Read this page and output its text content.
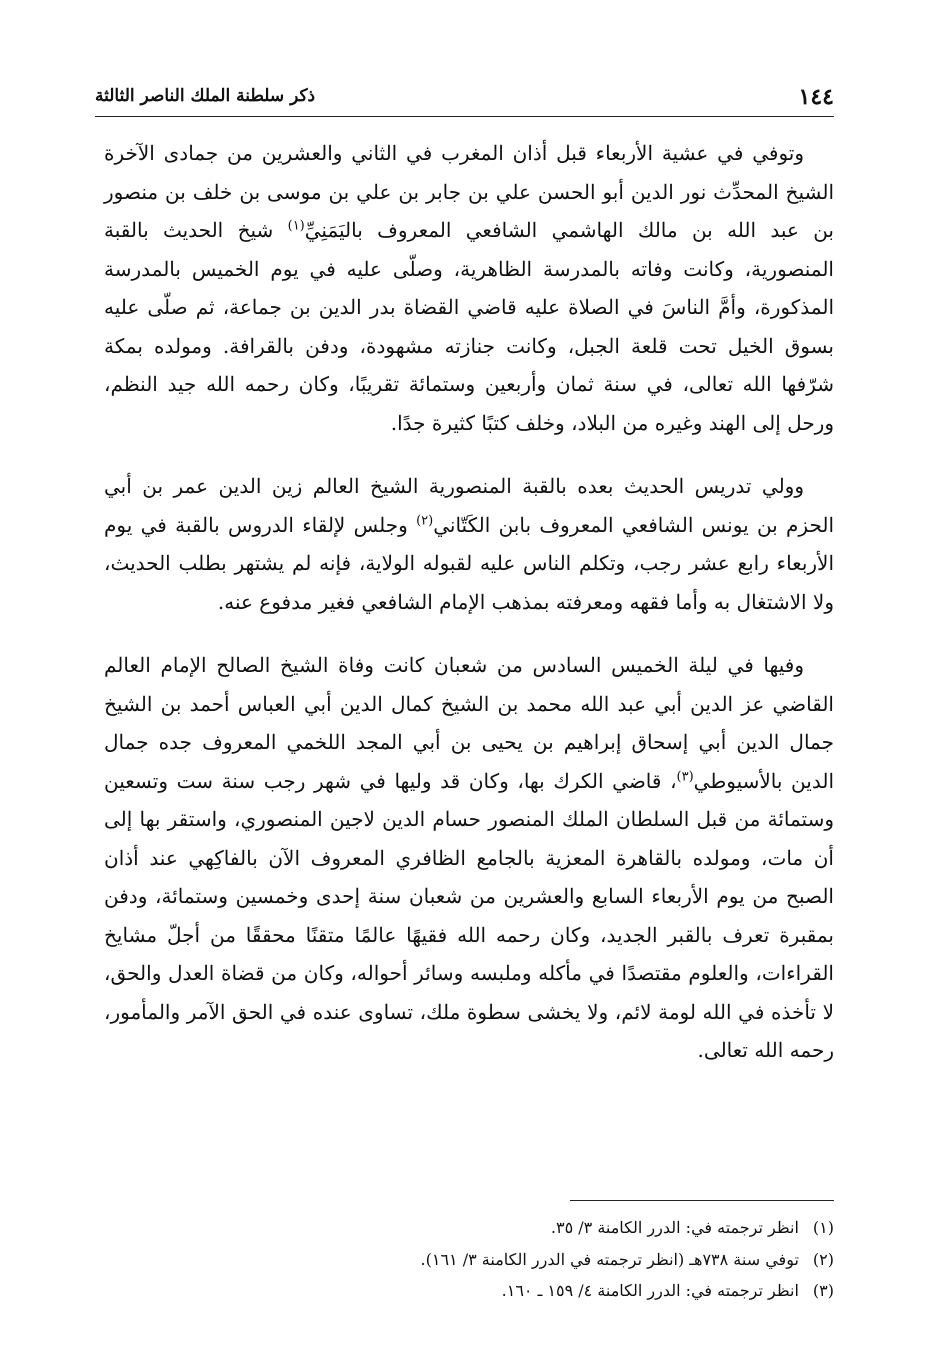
١٤٤
ذكر سلطنة الملك الناصر الثالثة

وتوفي في عشية الأربعاء قبل أذان المغرب في الثاني والعشرين من جمادى الآخرة الشيخ المحدِّث نور الدين أبو الحسن علي بن جابر بن علي بن موسى بن خلف بن منصور بن عبد الله بن مالك الهاشمي الشافعي المعروف باليَمَنِيِّ$^{(١)}$ شيخ الحديث بالقبة المنصورية، وكانت وفاته بالمدرسة الظاهرية، وصلّى عليه في يوم الخميس بالمدرسة المذكورة، وأمَّ الناسَ في الصلاة عليه قاضي القضاة بدر الدين بن جماعة، ثم صلّى عليه بسوق الخيل تحت قلعة الجبل، وكانت جنازته مشهودة، ودفن بالقرافة. ومولده بمكة شرّفها الله تعالى، في سنة ثمان وأربعين وستمائة تقريبًا، وكان رحمه الله جيد النظم، ورحل إلى الهند وغيره من البلاد، وخلف كتبًا كثيرة جدًا.

وولي تدريس الحديث بعده بالقبة المنصورية الشيخ العالم زين الدين عمر بن أبي الحزم بن يونس الشافعي المعروف بابن الكَتّاني$^{(٢)}$ وجلس لإلقاء الدروس بالقبة في يوم الأربعاء رابع عشر رجب، وتكلم الناس عليه لقبوله الولاية، فإنه لم يشتهر بطلب الحديث، ولا الاشتغال به وأما فقهه ومعرفته بمذهب الإمام الشافعي فغير مدفوع عنه.

وفيها في ليلة الخميس السادس من شعبان كانت وفاة الشيخ الصالح الإمام العالم القاضي عز الدين أبي عبد الله محمد بن الشيخ كمال الدين أبي العباس أحمد بن الشيخ جمال الدين أبي إسحاق إبراهيم بن يحيى بن أبي المجد اللخمي المعروف جده جمال الدين بالأسيوطي$^{(٣)}$، قاضي الكرك بها، وكان قد وليها في شهر رجب سنة ست وتسعين وستمائة من قبل السلطان الملك المنصور حسام الدين لاجين المنصوري، واستقر بها إلى أن مات، ومولده بالقاهرة المعزية بالجامع الظافري المعروف الآن بالفاكِهي عند أذان الصبح من يوم الأربعاء السابع والعشرين من شعبان سنة إحدى وخمسين وستمائة، ودفن بمقبرة تعرف بالقبر الجديد، وكان رحمه الله فقيهًا عالمًا متقنًا محققًا من أجلّ مشايخ القراءات، والعلوم مقتصدًا في مأكله وملبسه وسائر أحواله، وكان من قضاة العدل والحق، لا تأخذه في الله لومة لائم، ولا يخشى سطوة ملك، تساوى عنده في الحق الآمر والمأمور، رحمه الله تعالى.

(١)
انظر ترجمته في: الدرر الكامنة ٣/ ٣٥.
(٢)
توفي سنة ٧٣٨هـ (انظر ترجمته في الدرر الكامنة ٣/ ١٦١).
(٣)
انظر ترجمته في: الدرر الكامنة ٤/ ١٥٩ ـ ١٦٠.
